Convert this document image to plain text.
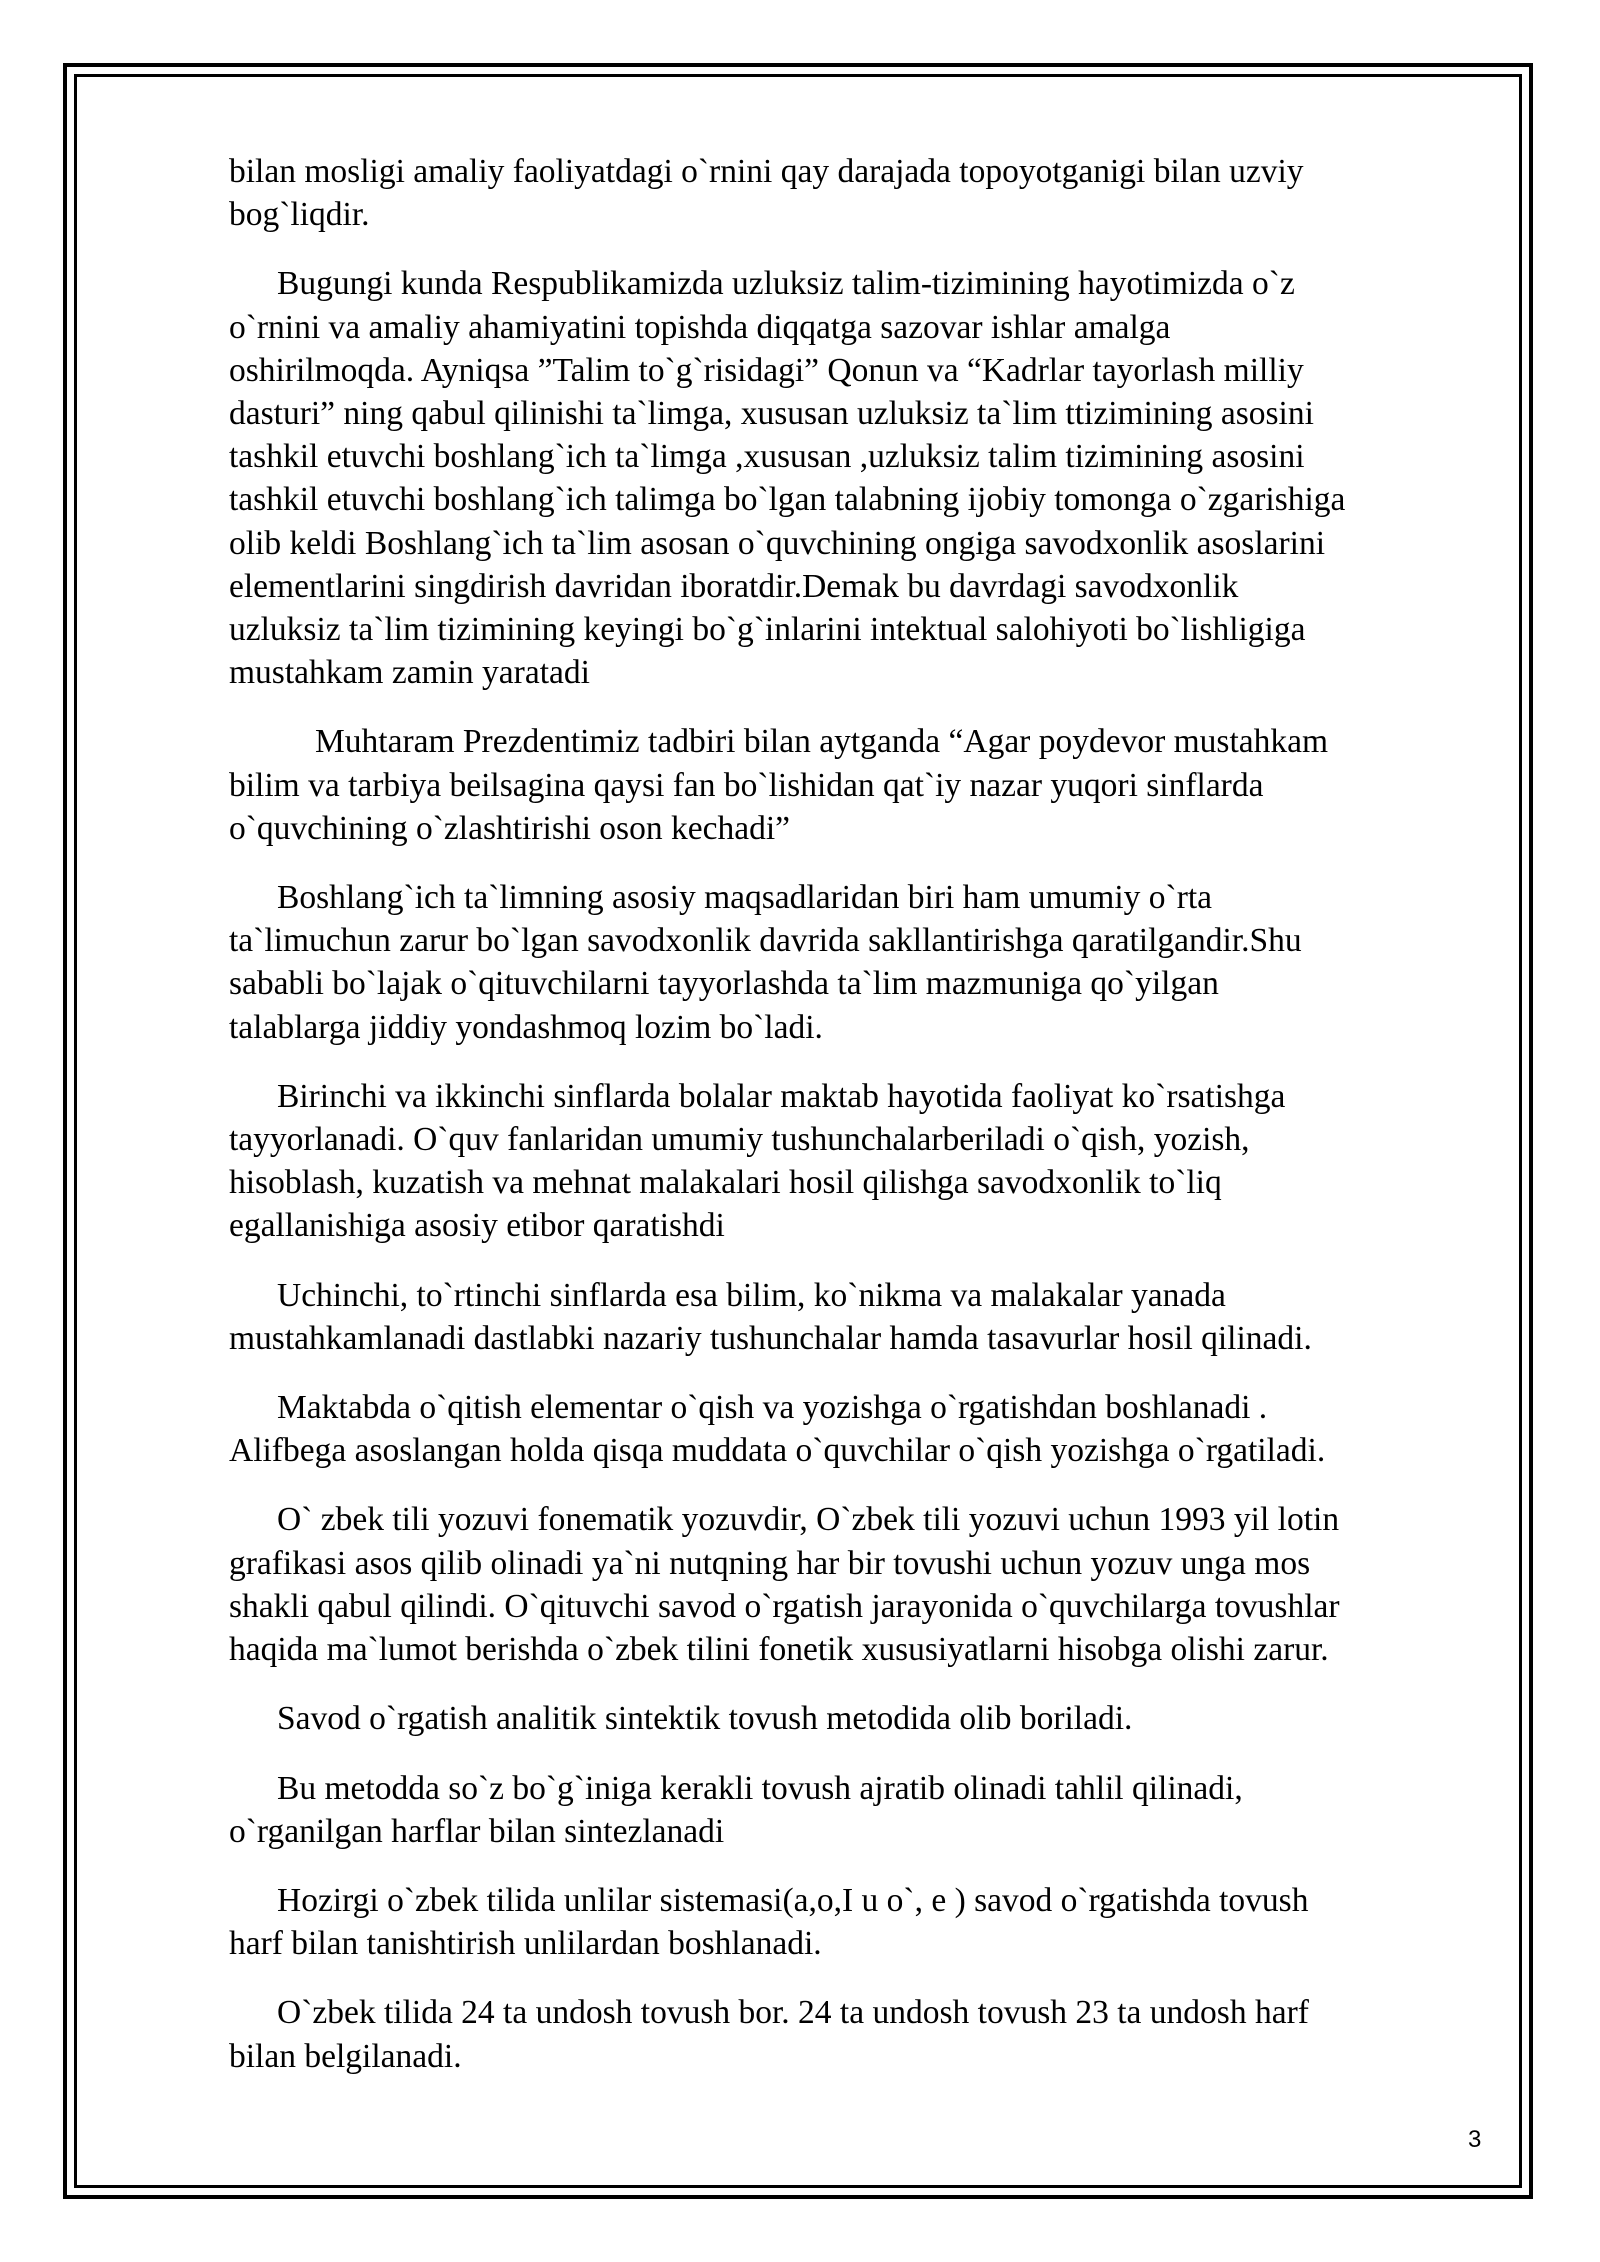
bilan mosligi amaliy faoliyatdagi o`rnini qay darajada topoyotganigi bilan uzviy
bog`liqdir.

Bugungi kunda Respublikamizda uzluksiz talim-tizimining hayotimizda o`z
o`rnini va amaliy ahamiyatini topishda diqqatga sazovar ishlar amalga
oshirilmoqda. Ayniqsa ”Talim to`g`risidagi” Qonun va “Kadrlar tayorlash milliy
dasturi” ning qabul qilinishi ta`limga, xususan uzluksiz ta`lim ttizimining asosini
tashkil etuvchi boshlang`ich ta`limga ,xususan ,uzluksiz talim tizimining asosini
tashkil etuvchi boshlang`ich talimga bo`lgan talabning ijobiy tomonga o`zgarishiga
olib keldi Boshlang`ich ta`lim asosan o`quvchining ongiga savodxonlik asoslarini
elementlarini singdirish davridan iboratdir.Demak bu davrdagi savodxonlik
uzluksiz ta`lim tizimining keyingi bo`g`inlarini intektual salohiyoti bo`lishligiga
mustahkam zamin yaratadi

Muhtaram Prezdentimiz tadbiri bilan aytganda “Agar poydevor mustahkam
bilim va tarbiya beilsagina qaysi fan bo`lishidan qat`iy nazar yuqori sinflarda
o`quvchining o`zlashtirishi oson kechadi”

Boshlang`ich ta`limning asosiy maqsadlaridan biri ham umumiy o`rta
ta`limuchun zarur bo`lgan savodxonlik davrida sakllantirishga qaratilgandir.Shu
sababli bo`lajak o`qituvchilarni tayyorlashda ta`lim mazmuniga qo`yilgan
talablarga jiddiy yondashmoq lozim bo`ladi.

Birinchi va ikkinchi sinflarda bolalar maktab hayotida faoliyat ko`rsatishga
tayyorlanadi. O`quv fanlaridan umumiy tushunchalarberiladi o`qish, yozish,
hisoblash, kuzatish va mehnat malakalari hosil qilishga savodxonlik to`liq
egallanishiga asosiy etibor qaratishdi

Uchinchi, to`rtinchi sinflarda esa bilim, ko`nikma va malakalar yanada
mustahkamlanadi dastlabki nazariy tushunchalar hamda tasavurlar hosil qilinadi.

Maktabda o`qitish elementar o`qish va yozishga o`rgatishdan boshlanadi .
Alifbega asoslangan holda qisqa muddata o`quvchilar o`qish yozishga o`rgatiladi.

O` zbek tili yozuvi fonematik yozuvdir, O`zbek tili yozuvi uchun 1993 yil lotin
grafikasi asos qilib olinadi ya`ni nutqning har bir tovushi uchun yozuv unga mos
shakli qabul qilindi. O`qituvchi savod o`rgatish jarayonida o`quvchilarga tovushlar
haqida ma`lumot berishda o`zbek tilini fonetik xususiyatlarni hisobga olishi zarur.

Savod o`rgatish analitik sintektik tovush metodida olib boriladi.

Bu metodda so`z bo`g`iniga kerakli tovush ajratib olinadi tahlil qilinadi,
o`rganilgan harflar bilan sintezlanadi

Hozirgi o`zbek tilida unlilar sistemasi(a,o,I u o`, e ) savod o`rgatishda tovush
harf bilan tanishtirish unlilardan boshlanadi.

O`zbek tilida 24 ta undosh tovush bor. 24 ta undosh tovush 23 ta undosh harf
bilan belgilanadi.

3
